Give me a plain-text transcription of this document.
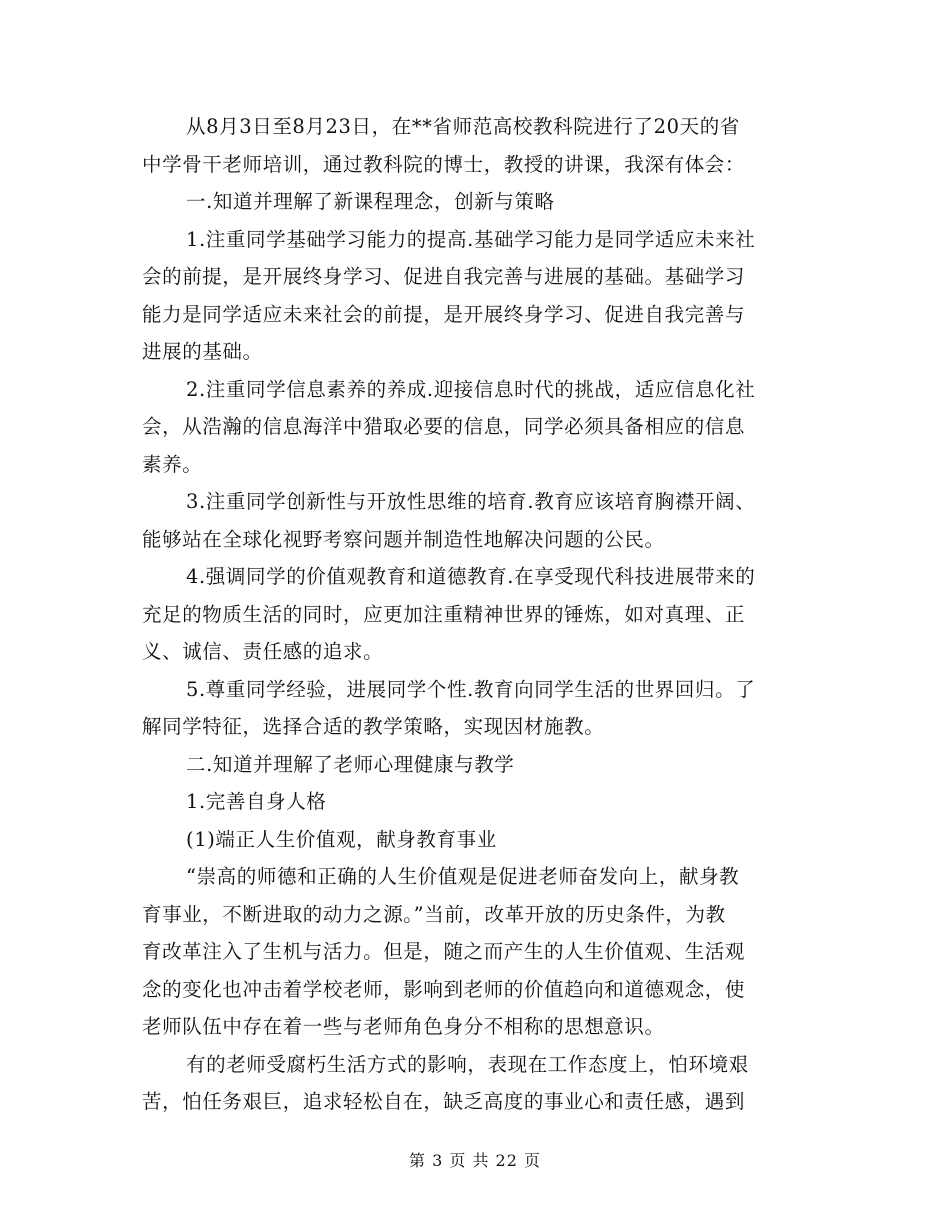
从8月3日至8月23日，在**省师范高校教科院进行了20天的省
中学骨干老师培训，通过教科院的博士，教授的讲课，我深有体会：
一.知道并理解了新课程理念，创新与策略
1.注重同学基础学习能力的提高.基础学习能力是同学适应未来社
会的前提，是开展终身学习、促进自我完善与进展的基础。基础学习
能力是同学适应未来社会的前提，是开展终身学习、促进自我完善与
进展的基础。
2.注重同学信息素养的养成.迎接信息时代的挑战，适应信息化社
会，从浩瀚的信息海洋中猎取必要的信息，同学必须具备相应的信息
素养。
3.注重同学创新性与开放性思维的培育.教育应该培育胸襟开阔、
能够站在全球化视野考察问题并制造性地解决问题的公民。
4.强调同学的价值观教育和道德教育.在享受现代科技进展带来的
充足的物质生活的同时，应更加注重精神世界的锤炼，如对真理、正
义、诚信、责任感的追求。
5.尊重同学经验，进展同学个性.教育向同学生活的世界回归。了
解同学特征，选择合适的教学策略，实现因材施教。
二.知道并理解了老师心理健康与教学
1.完善自身人格
(1)端正人生价值观，献身教育事业
“崇高的师德和正确的人生价值观是促进老师奋发向上，献身教
育事业，不断进取的动力之源。”当前，改革开放的历史条件，为教
育改革注入了生机与活力。但是，随之而产生的人生价值观、生活观
念的变化也冲击着学校老师，影响到老师的价值趋向和道德观念，使
老师队伍中存在着一些与老师角色身分不相称的思想意识。
有的老师受腐朽生活方式的影响，表现在工作态度上，怕环境艰
苦，怕任务艰巨，追求轻松自在，缺乏高度的事业心和责任感，遇到
第 3 页 共 22 页
